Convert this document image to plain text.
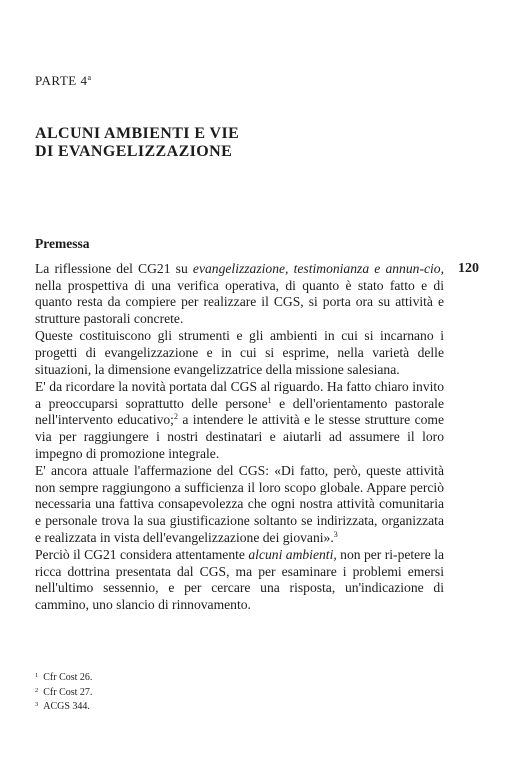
PARTE 4$^a$
ALCUNI AMBIENTI E VIE
DI EVANGELIZZAZIONE
Premessa
120

La riflessione del CG21 su evangelizzazione, testimonianza e annun-cio, nella prospettiva di una verifica operativa, di quanto è stato fatto e di quanto resta da compiere per realizzare il CGS, si porta ora su attività e strutture pastorali concrete.

Queste costituiscono gli strumenti e gli ambienti in cui si incarnano i progetti di evangelizzazione e in cui si esprime, nella varietà delle situazioni, la dimensione evangelizzatrice della missione salesiana.

E' da ricordare la novità portata dal CGS al riguardo. Ha fatto chiaro invito a preoccuparsi soprattutto delle persone$^1$ e dell'orientamento pastorale nell'intervento educativo;$^2$ a intendere le attività e le stesse strutture come via per raggiungere i nostri destinatari e aiutarli ad assumere il loro impegno di promozione integrale.

E' ancora attuale l'affermazione del CGS: «Di fatto, però, queste attività non sempre raggiungono a sufficienza il loro scopo globale. Appare perciò necessaria una fattiva consapevolezza che ogni nostra attività comunitaria e personale trova la sua giustificazione soltanto se indirizzata, organizzata e realizzata in vista dell'evangelizzazione dei giovani».$^3$

Perciò il CG21 considera attentamente alcuni ambienti, non per ri-petere la ricca dottrina presentata dal CGS, ma per esaminare i problemi emersi nell'ultimo sessennio, e per cercare una risposta, un'indicazione di cammino, uno slancio di rinnovamento.

$^1$ Cfr Cost 26.
$^2$ Cfr Cost 27.
$^3$ ACGS 344.
